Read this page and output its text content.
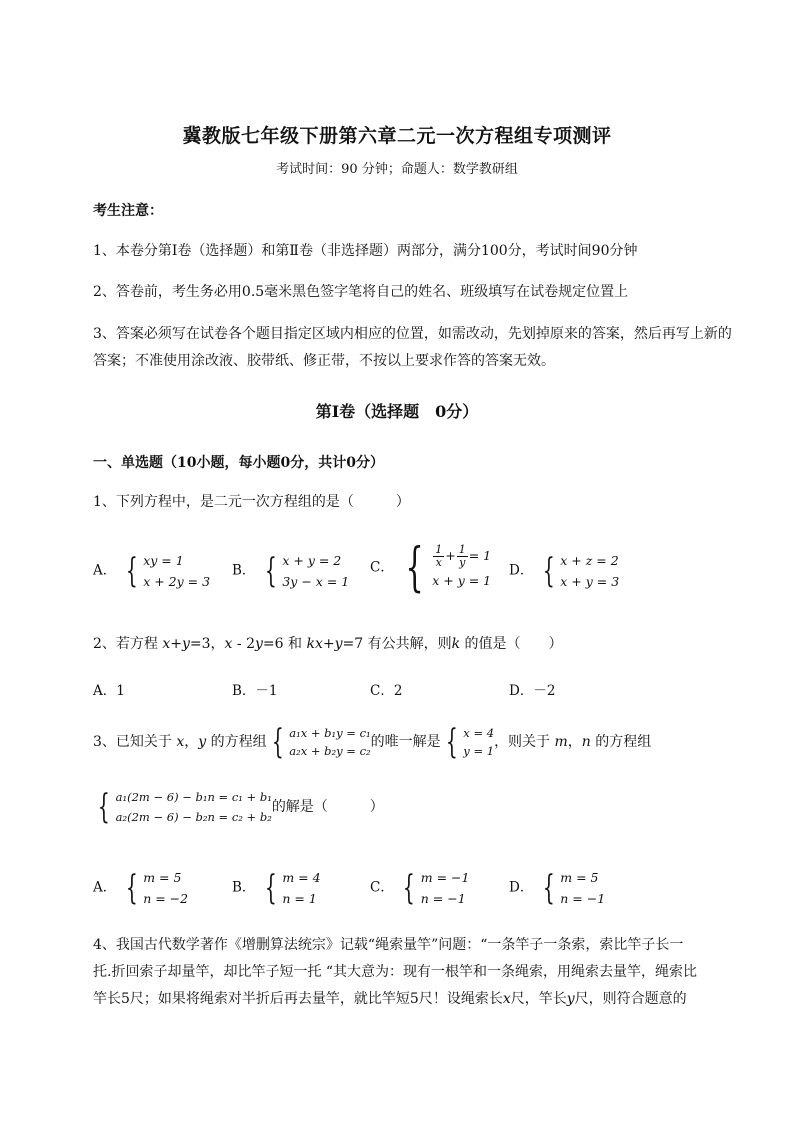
冀教版七年级下册第六章二元一次方程组专项测评
考试时间：90 分钟；命题人：数学教研组
考生注意：
1、本卷分第Ⅰ卷（选择题）和第Ⅱ卷（非选择题）两部分，满分100分，考试时间90分钟
2、答卷前，考生务必用0.5毫米黑色签字笔将自己的姓名、班级填写在试卷规定位置上
3、答案必须写在试卷各个题目指定区域内相应的位置，如需改动，先划掉原来的答案，然后再写上新的答案；不准使用涂改液、胶带纸、修正带，不按以上要求作答的答案无效。
第Ⅰ卷（选择题　0分）
一、单选题（10小题，每小题0分，共计0分）
1、下列方程中，是二元一次方程组的是（　　　）
A． { xy = 1
x + 2y = 3
B． { x + y = 2
3y − x = 1
C． { $\frac{1}{x} + \frac{1}{y} = 1$
x + y = 1
D． { x + z = 2
x + y = 3
2、若方程 x+y=3，x - 2y=6 和 kx+y=7 有公共解，则k 的值是（　　）
A．1	B．－1	C．2	D．－2
3、已知关于 x，y 的方程组 { a₁x + b₁y = c₁
a₂x + b₂y = c₂
的唯一解是 { x = 4
y = 1
，则关于 m，n 的方程组
{ a₁(2m − 6) − b₁n = c₁ + b₁
a₂(2m − 6) − b₂n = c₂ + b₂
的解是（　　　）
A． { m = 5
n = −2
B． { m = 4
n = 1
C． { m = −1
n = −1
D． { m = 5
n = −1
4、我国古代数学著作《增删算法统宗》记载“绳索量竿”问题：“一条竿子一条索，索比竿子长一
托.折回索子却量竿，却比竿子短一托 “其大意为：现有一根竿和一条绳索，用绳索去量竿，绳索比
竿长5尺；如果将绳索对半折后再去量竿，就比竿短5尺！设绳索长x尺，竿长y尺，则符合题意的
